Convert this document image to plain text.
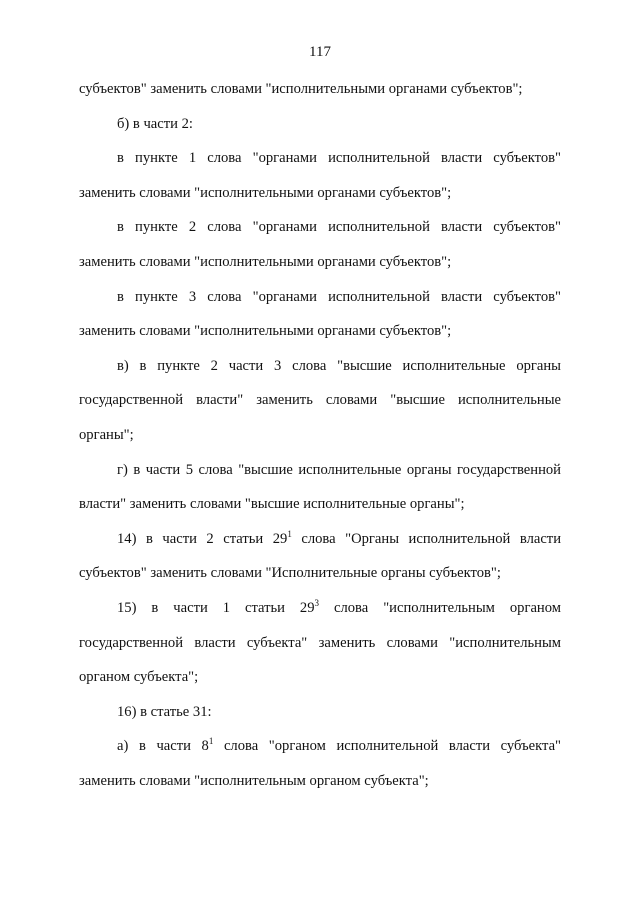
117
субъектов" заменить словами "исполнительными органами субъектов";
б) в части 2:
в пункте 1 слова "органами исполнительной власти субъектов"
заменить словами "исполнительными органами субъектов";
в пункте 2 слова "органами исполнительной власти субъектов"
заменить словами "исполнительными органами субъектов";
в пункте 3 слова "органами исполнительной власти субъектов"
заменить словами "исполнительными органами субъектов";
в) в пункте 2 части 3 слова "высшие исполнительные органы
государственной власти" заменить словами "высшие исполнительные
органы";
г) в части 5 слова "высшие исполнительные органы государственной
власти" заменить словами "высшие исполнительные органы";
14) в части 2 статьи $29^1$ слова "Органы исполнительной власти
субъектов" заменить словами "Исполнительные органы субъектов";
15) в части 1 статьи $29^3$ слова "исполнительным органом
государственной власти субъекта" заменить словами "исполнительным
органом субъекта";
16) в статье 31:
а) в части $8^1$ слова "органом исполнительной власти субъекта"
заменить словами "исполнительным органом субъекта";
